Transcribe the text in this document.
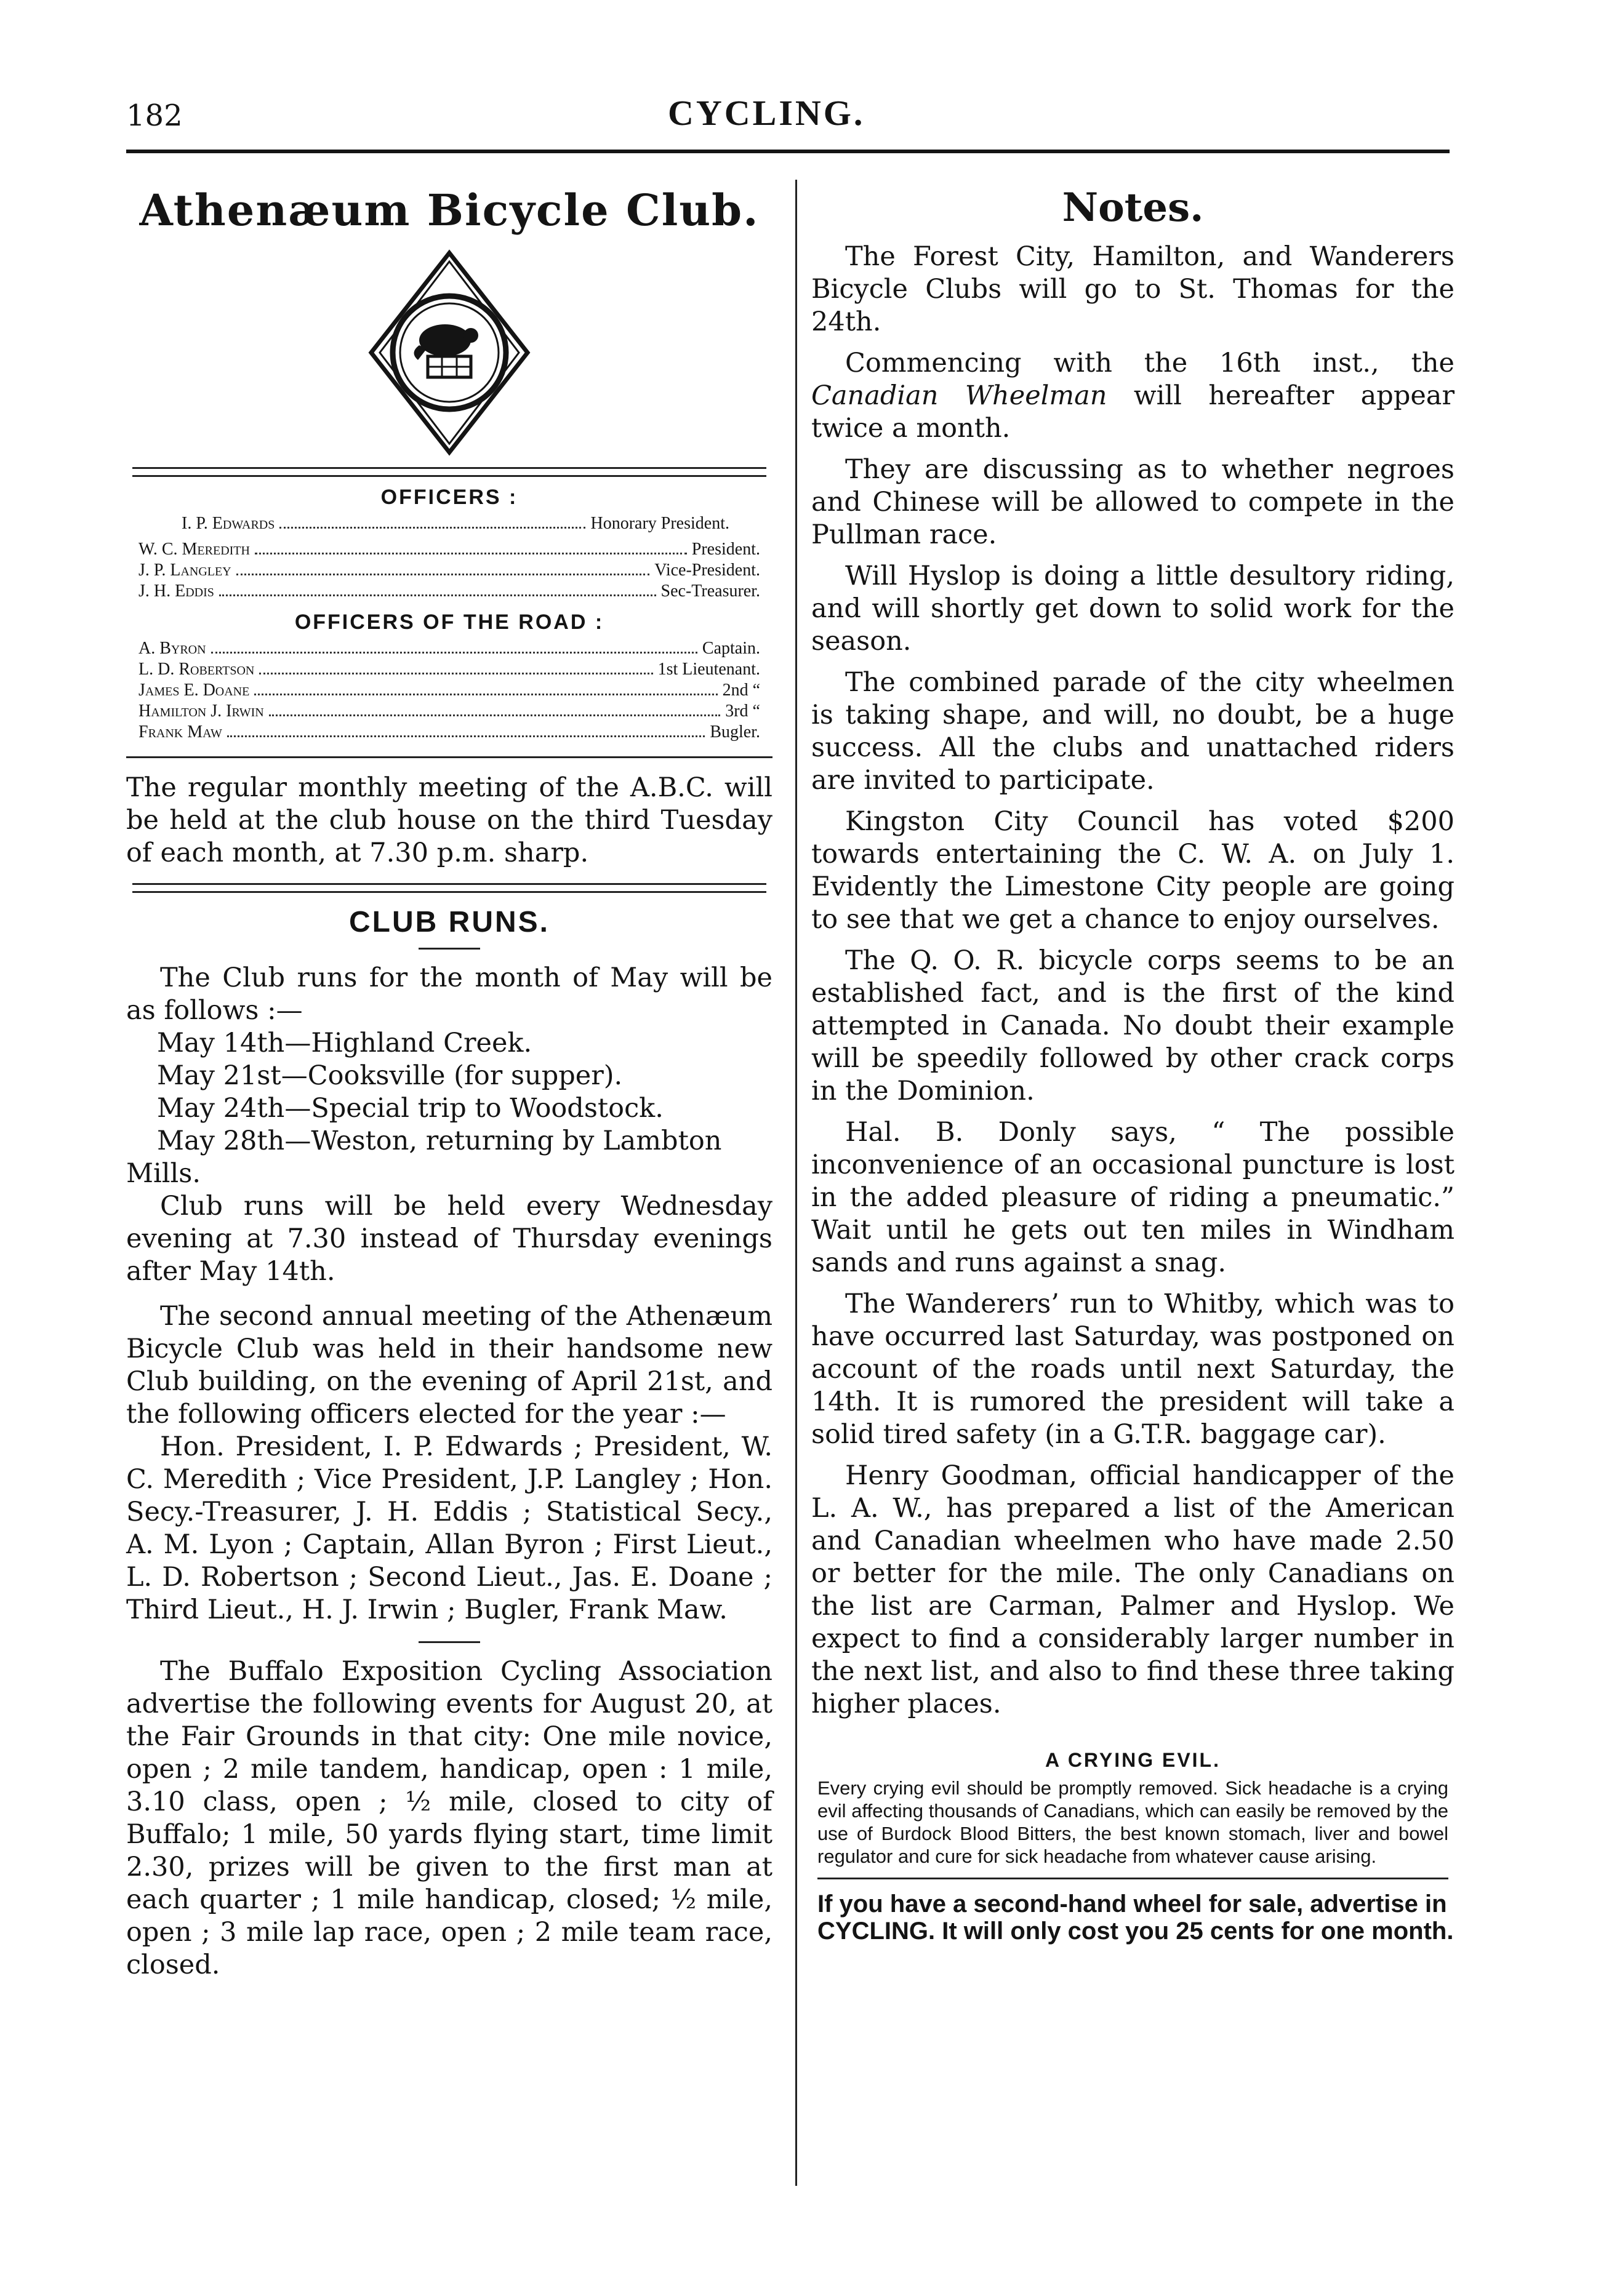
182	CYCLING.
Athenæum Bicycle Club.
OFFICERS :
I. P. Edwards	Honorary President.
W. C. Meredith	President.
J. P. Langley	Vice-President.
J. H. Eddis	Sec-Treasurer.
OFFICERS OF THE ROAD :
A. Byron	Captain.
L. D. Robertson	1st Lieutenant.
James E. Doane	2nd “
Hamilton J. Irwin	3rd “
Frank Maw	Bugler.

The regular monthly meeting of the A.B.C. will be held at the club house on the third Tuesday of each month, at 7.30 p.m. sharp.

CLUB RUNS.

The Club runs for the month of May will be as follows :—

May 14th—Highland Creek.
May 21st—Cooksville (for supper).
May 24th—Special trip to Woodstock.
May 28th—Weston, returning by Lambton Mills.

Club runs will be held every Wednesday evening at 7.30 instead of Thursday evenings after May 14th.

The second annual meeting of the Athenæum Bicycle Club was held in their handsome new Club building, on the evening of April 21st, and the following officers elected for the year :—

Hon. President, I. P. Edwards ; President, W. C. Meredith ; Vice President, J.P. Langley ; Hon. Secy.-Treasurer, J. H. Eddis ; Statistical Secy., A. M. Lyon ; Captain, Allan Byron ; First Lieut., L. D. Robertson ; Second Lieut., Jas. E. Doane ; Third Lieut., H. J. Irwin ; Bugler, Frank Maw.

The Buffalo Exposition Cycling Association advertise the following events for August 20, at the Fair Grounds in that city: One mile novice, open ; 2 mile tandem, handicap, open : 1 mile, 3.10 class, open ; ½ mile, closed to city of Buffalo; 1 mile, 50 yards flying start, time limit 2.30, prizes will be given to the first man at each quarter ; 1 mile handicap, closed; ½ mile, open ; 3 mile lap race, open ; 2 mile team race, closed.

Notes.

The Forest City, Hamilton, and Wanderers Bicycle Clubs will go to St. Thomas for the 24th.

Commencing with the 16th inst., the Canadian Wheelman will hereafter appear twice a month.

They are discussing as to whether negroes and Chinese will be allowed to compete in the Pullman race.

Will Hyslop is doing a little desultory riding, and will shortly get down to solid work for the season.

The combined parade of the city wheelmen is taking shape, and will, no doubt, be a huge success. All the clubs and unattached riders are invited to participate.

Kingston City Council has voted $200 towards entertaining the C. W. A. on July 1. Evidently the Limestone City people are going to see that we get a chance to enjoy ourselves.

The Q. O. R. bicycle corps seems to be an established fact, and is the first of the kind attempted in Canada. No doubt their example will be speedily followed by other crack corps in the Dominion.

Hal. B. Donly says, “ The possible inconvenience of an occasional puncture is lost in the added pleasure of riding a pneumatic.” Wait until he gets out ten miles in Windham sands and runs against a snag.

The Wanderers’ run to Whitby, which was to have occurred last Saturday, was postponed on account of the roads until next Saturday, the 14th. It is rumored the president will take a solid tired safety (in a G.T.R. baggage car).

Henry Goodman, official handicapper of the L. A. W., has prepared a list of the American and Canadian wheelmen who have made 2.50 or better for the mile. The only Canadians on the list are Carman, Palmer and Hyslop. We expect to find a considerably larger number in the next list, and also to find these three taking higher places.

A CRYING EVIL.

Every crying evil should be promptly removed. Sick headache is a crying evil affecting thousands of Canadians, which can easily be removed by the use of Burdock Blood Bitters, the best known stomach, liver and bowel regulator and cure for sick headache from whatever cause arising.

If you have a second-hand wheel for sale, advertise in CYCLING. It will only cost you 25 cents for one month.
